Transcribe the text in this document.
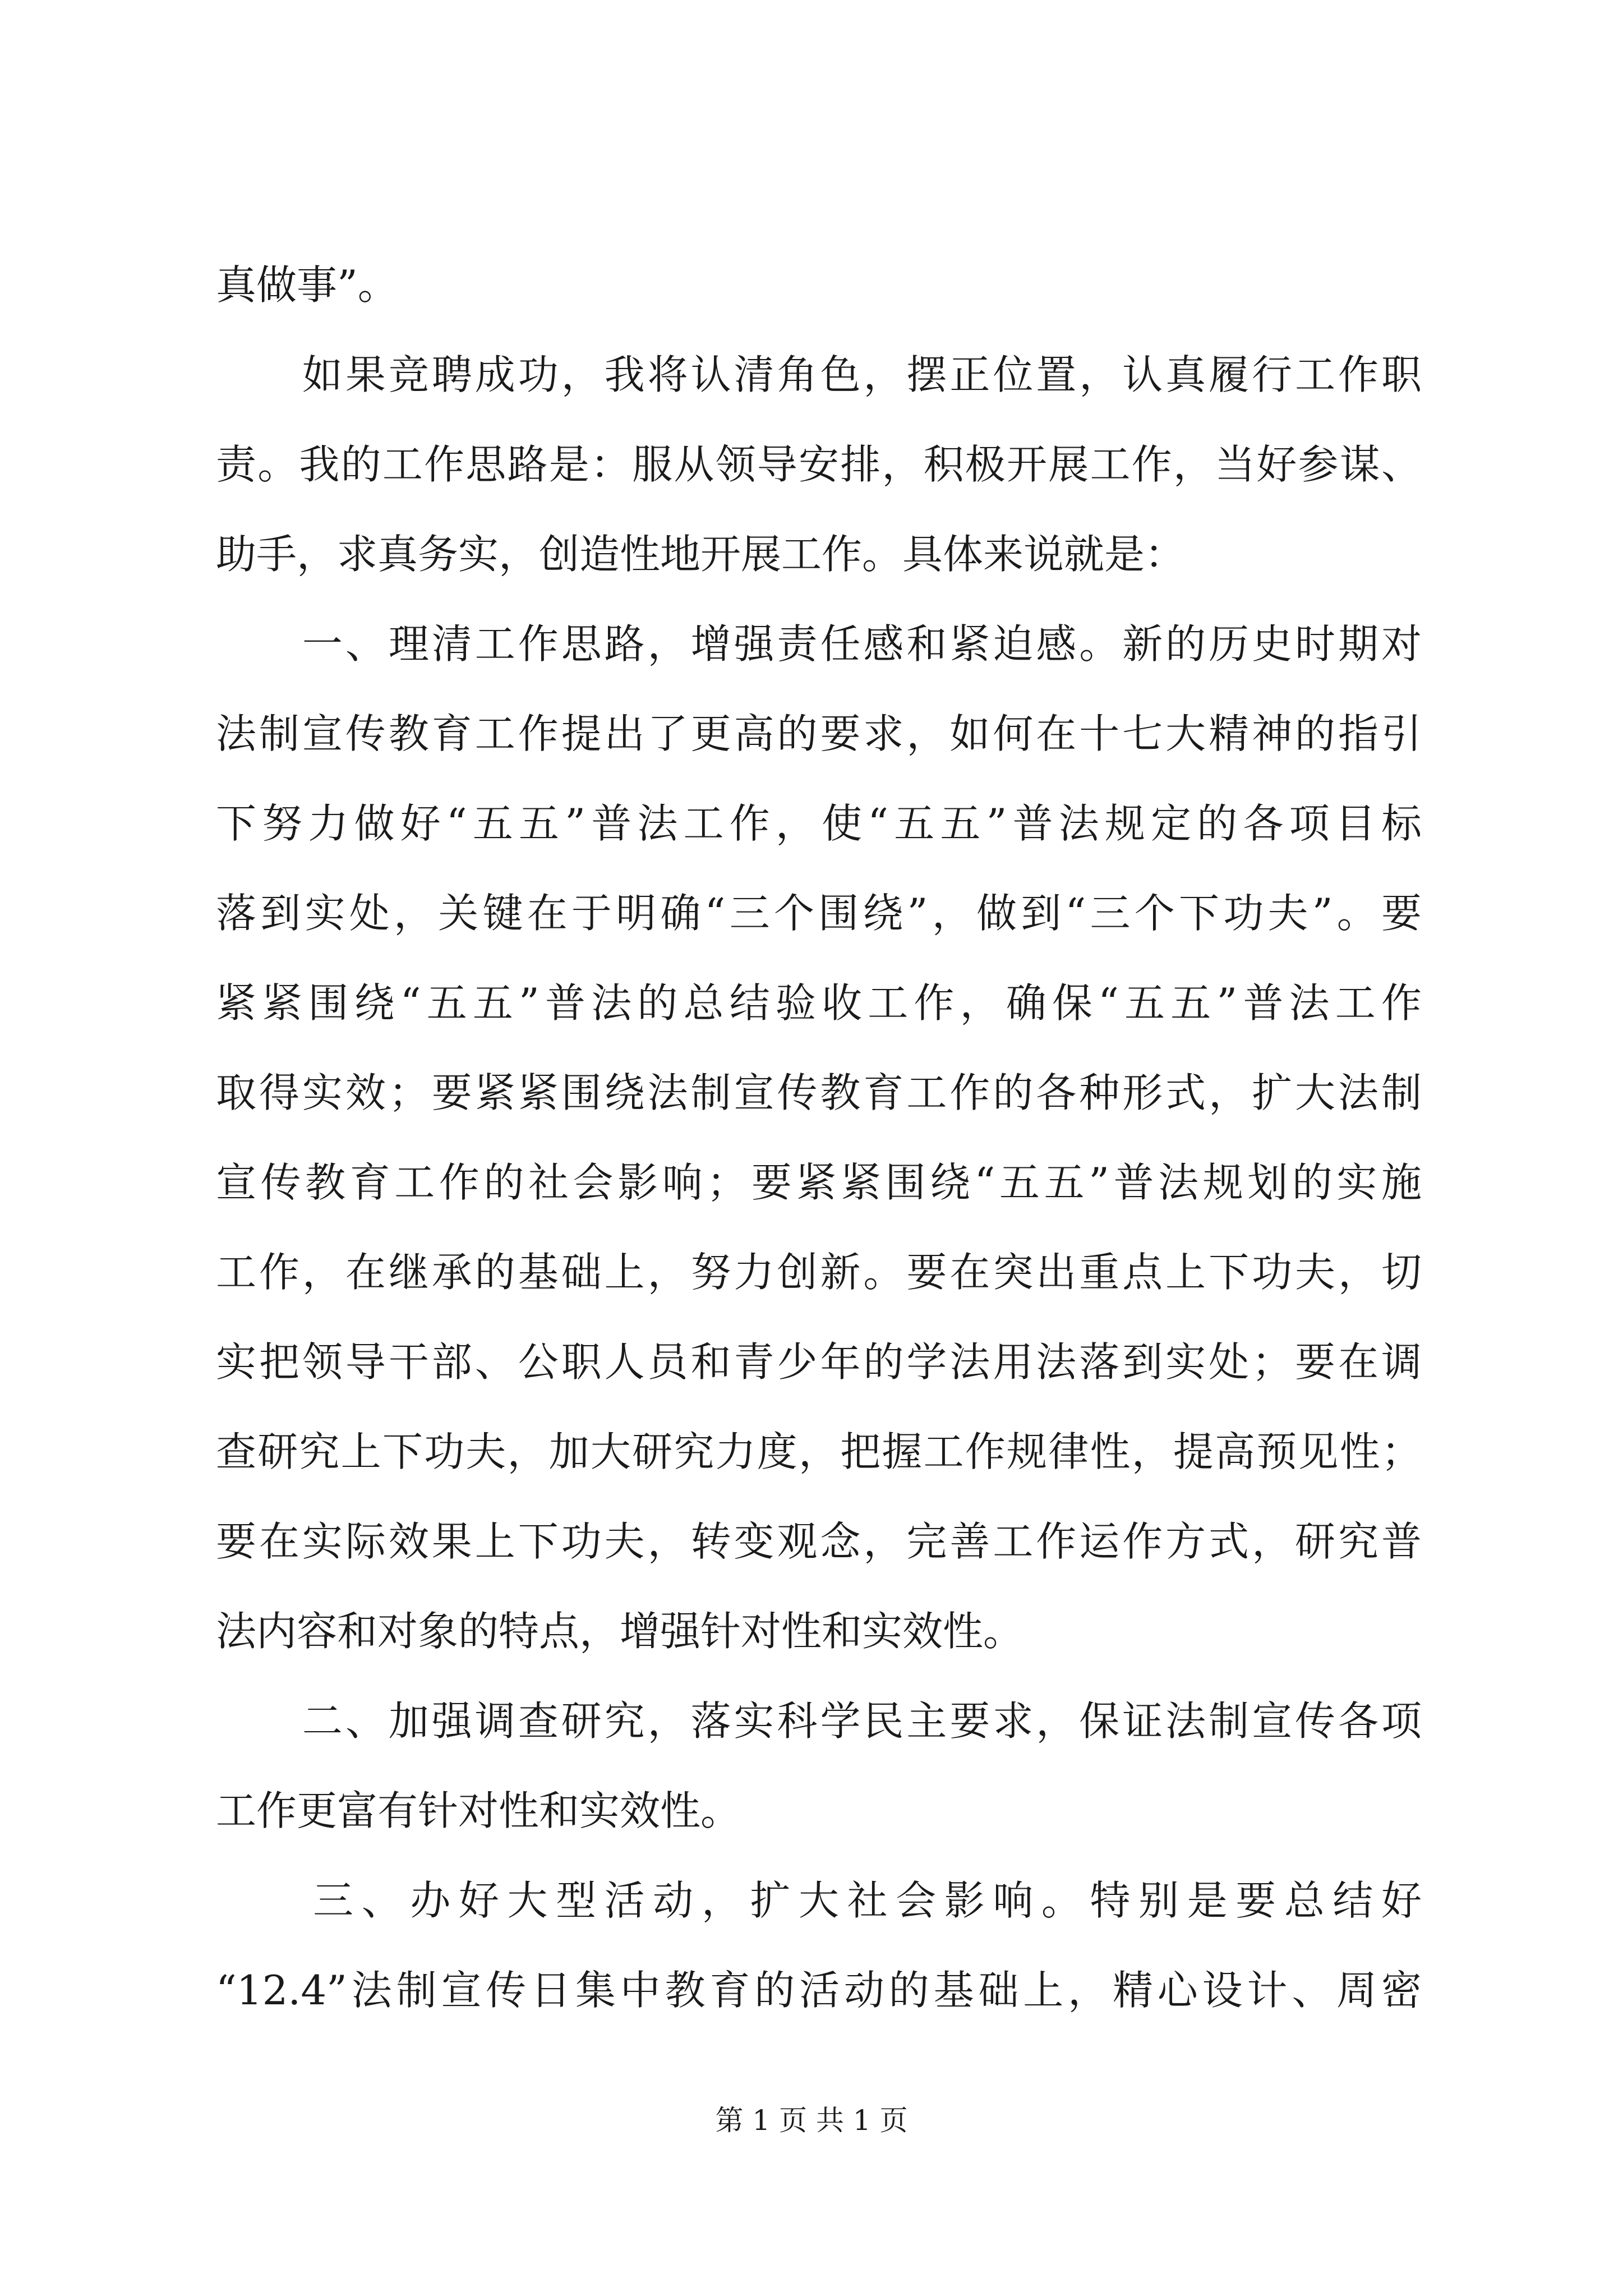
真做事”。
　　如果竞聘成功，我将认清角色，摆正位置，认真履行工作职
责。我的工作思路是：服从领导安排，积极开展工作，当好参谋、
助手，求真务实，创造性地开展工作。具体来说就是：
　　一、理清工作思路，增强责任感和紧迫感。新的历史时期对
法制宣传教育工作提出了更高的要求，如何在十七大精神的指引
下努力做好“五五”普法工作，使“五五”普法规定的各项目标
落到实处，关键在于明确“三个围绕”，做到“三个下功夫”。要
紧紧围绕“五五”普法的总结验收工作，确保“五五”普法工作
取得实效；要紧紧围绕法制宣传教育工作的各种形式，扩大法制
宣传教育工作的社会影响；要紧紧围绕“五五”普法规划的实施
工作，在继承的基础上，努力创新。要在突出重点上下功夫，切
实把领导干部、公职人员和青少年的学法用法落到实处；要在调
查研究上下功夫，加大研究力度，把握工作规律性，提高预见性；
要在实际效果上下功夫，转变观念，完善工作运作方式，研究普
法内容和对象的特点，增强针对性和实效性。
　　二、加强调查研究，落实科学民主要求，保证法制宣传各项
工作更富有针对性和实效性。
　　三、办好大型活动，扩大社会影响。特别是要总结好
“12.4”法制宣传日集中教育的活动的基础上，精心设计、周密
第 1 页 共 1 页
